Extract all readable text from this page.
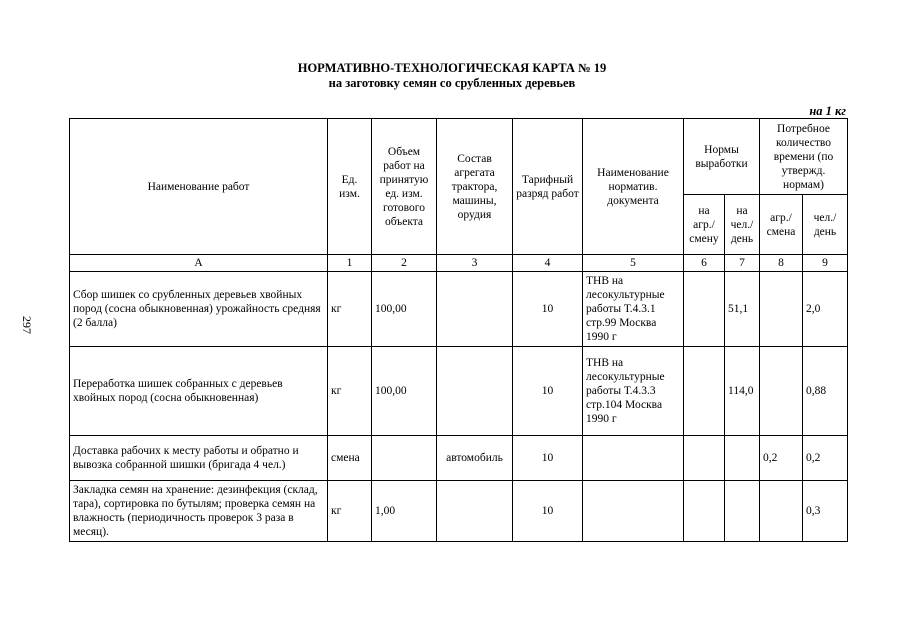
297
НОРМАТИВНО-ТЕХНОЛОГИЧЕСКАЯ КАРТА № 19
на заготовку семян со срубленных деревьев
на 1 кг
Наименование работ	Ед. изм.	Объем работ на принятую ед. изм. готового объекта	Состав агрегата трактора, машины, орудия	Тарифный разряд работ	Наименование норматив. документа	Нормы выработки		Потребное количество времени (по утвержд. нормам)	
						на агр./ смену	на чел./ день	агр./ смена	чел./ день
А	1	2	3	4	5	6	7	8	9
Сбор шишек со срубленных деревьев хвойных пород (сосна обыкновенная) урожайность средняя (2 балла)	кг	100,00		10	ТНВ на лесокультурные работы Т.4.3.1 стр.99 Москва 1990 г		51,1		2,0
Переработка шишек собранных с деревьев хвойных пород (сосна обыкновенная)	кг	100,00		10	ТНВ на лесокультурные работы Т.4.3.3 стр.104 Москва 1990 г		114,0		0,88
Доставка рабочих к месту работы и обратно и вывозка собранной шишки (бригада 4 чел.)	смена		автомобиль	10				0,2	0,2
Закладка семян на хранение: дезинфекция (склад, тара), сортировка по бутылям; проверка семян на влажность (периодичность проверок 3 раза в месяц).	кг	1,00		10					0,3
